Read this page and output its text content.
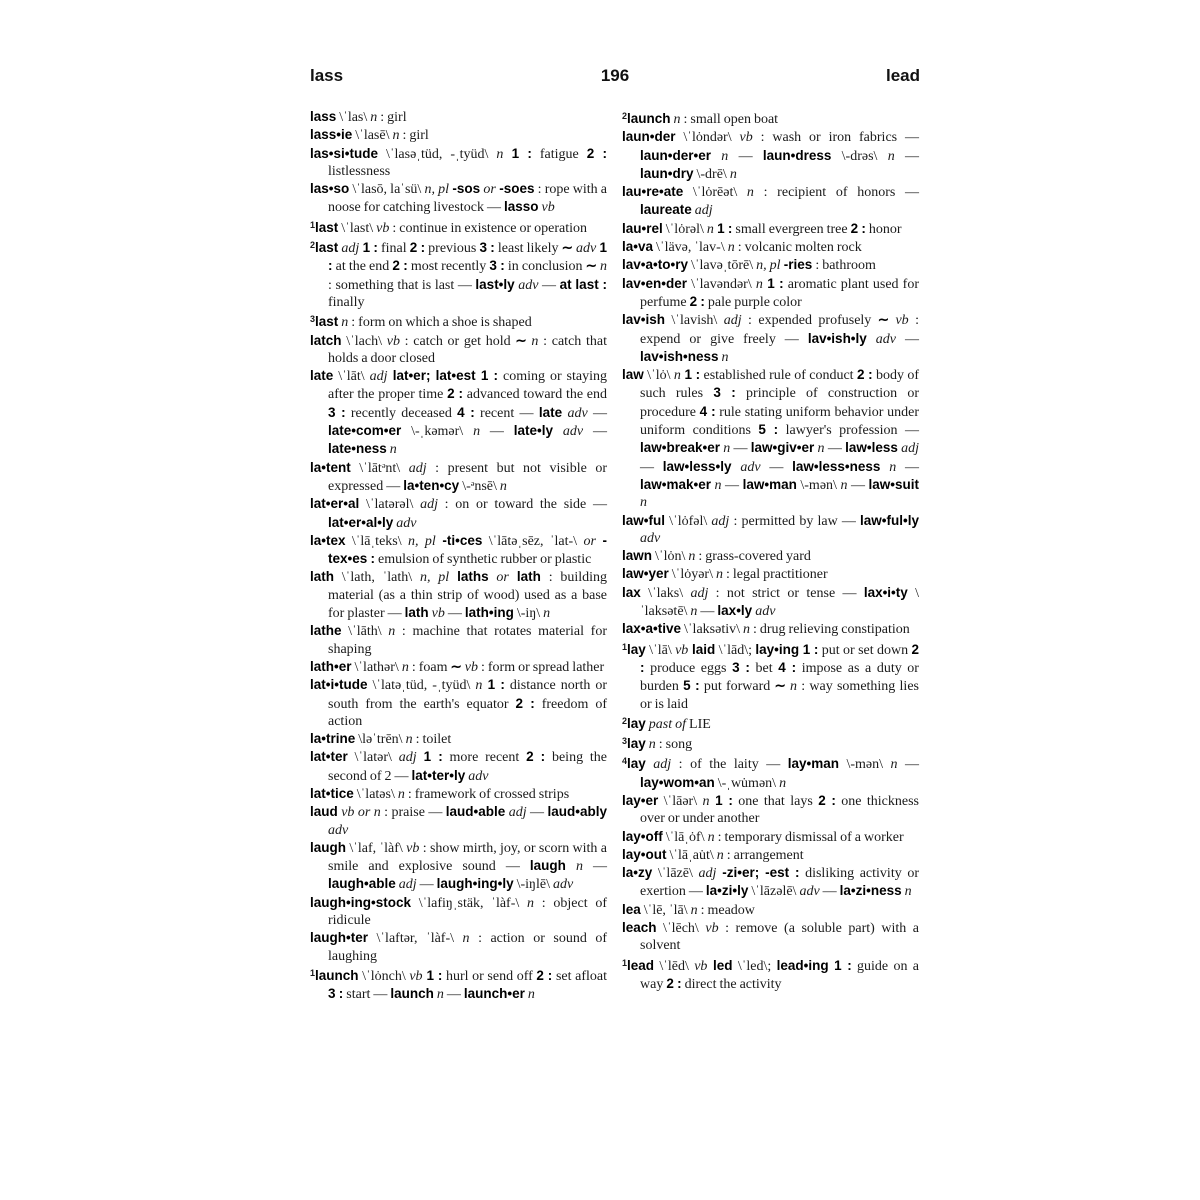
lass	196	lead

lass \ˈlas\ n : girl

lass•ie \ˈlasē\ n : girl

las•si•tude \ˈlasəˌtüd, -ˌtyüd\ n 1 : fatigue 2 : listlessness

las•so \ˈlasō, laˈsü\ n, pl -sos or -soes : rope with a noose for catching livestock — lasso vb

$^1$last \ˈlast\ vb : continue in existence or operation

$^2$last adj 1 : final 2 : previous 3 : least likely ∼ adv 1 : at the end 2 : most recently 3 : in conclusion ∼ n : something that is last — last•ly adv — at last : finally

$^3$last n : form on which a shoe is shaped

latch \ˈlach\ vb : catch or get hold ∼ n : catch that holds a door closed

late \ˈlāt\ adj lat•er; lat•est 1 : coming or staying after the proper time 2 : advanced toward the end 3 : recently deceased 4 : recent — late adv — late•com•er \-ˌkəmər\ n — late•ly adv — late•ness n

la•tent \ˈlātᵊnt\ adj : present but not visible or expressed — la•ten•cy \-ᵊnsē\ n

lat•er•al \ˈlatərəl\ adj : on or toward the side — lat•er•al•ly adv

la•tex \ˈlāˌteks\ n, pl -ti•ces \ˈlātəˌsēz, ˈlat-\ or -tex•es : emulsion of synthetic rubber or plastic

lath \ˈlath, ˈlath\ n, pl laths or lath : building material (as a thin strip of wood) used as a base for plaster — lath vb — lath•ing \-iŋ\ n

lathe \ˈlāth\ n : machine that rotates material for shaping

lath•er \ˈlathər\ n : foam ∼ vb : form or spread lather

lat•i•tude \ˈlatəˌtüd, -ˌtyüd\ n 1 : distance north or south from the earth's equator 2 : freedom of action

la•trine \ləˈtrēn\ n : toilet

lat•ter \ˈlatər\ adj 1 : more recent 2 : being the second of 2 — lat•ter•ly adv

lat•tice \ˈlatəs\ n : framework of crossed strips

laud vb or n : praise — laud•able adj — laud•ably adv

laugh \ˈlaf, ˈlàf\ vb : show mirth, joy, or scorn with a smile and explosive sound — laugh n — laugh•able adj — laugh•ing•ly \-iŋlē\ adv

laugh•ing•stock \ˈlafiŋˌstäk, ˈlàf-\ n : object of ridicule

laugh•ter \ˈlaftər, ˈlàf-\ n : action or sound of laughing

$^1$launch \ˈlȯnch\ vb 1 : hurl or send off 2 : set afloat 3 : start — launch n — launch•er n

$^2$launch n : small open boat

laun•der \ˈlȯndər\ vb : wash or iron fabrics — laun•der•er n — laun•dress \-drəs\ n — laun•dry \-drē\ n

lau•re•ate \ˈlȯrēət\ n : recipient of honors — laureate adj

lau•rel \ˈlȯrəl\ n 1 : small evergreen tree 2 : honor

la•va \ˈlävə, ˈlav-\ n : volcanic molten rock

lav•a•to•ry \ˈlavəˌtōrē\ n, pl -ries : bathroom

lav•en•der \ˈlavəndər\ n 1 : aromatic plant used for perfume 2 : pale purple color

lav•ish \ˈlavish\ adj : expended profusely ∼ vb : expend or give freely — lav•ish•ly adv — lav•ish•ness n

law \ˈlȯ\ n 1 : established rule of conduct 2 : body of such rules 3 : principle of construction or procedure 4 : rule stating uniform behavior under uniform conditions 5 : lawyer's profession — law•break•er n — law•giv•er n — law•less adj — law•less•ly adv — law•less•ness n — law•mak•er n — law•man \-mən\ n — law•suit n

law•ful \ˈlȯfəl\ adj : permitted by law — law•ful•ly adv

lawn \ˈlȯn\ n : grass-covered yard

law•yer \ˈlȯyər\ n : legal practitioner

lax \ˈlaks\ adj : not strict or tense — lax•i•ty \ˈlaksətē\ n — lax•ly adv

lax•a•tive \ˈlaksətiv\ n : drug relieving constipation

$^1$lay \ˈlā\ vb laid \ˈlād\; lay•ing 1 : put or set down 2 : produce eggs 3 : bet 4 : impose as a duty or burden 5 : put forward ∼ n : way something lies or is laid

$^2$lay past of LIE

$^3$lay n : song

$^4$lay adj : of the laity — lay•man \-mən\ n — lay•wom•an \-ˌwu̇mən\ n

lay•er \ˈlāər\ n 1 : one that lays 2 : one thickness over or under another

lay•off \ˈlāˌȯf\ n : temporary dismissal of a worker

lay•out \ˈlāˌau̇t\ n : arrangement

la•zy \ˈlāzē\ adj -zi•er; -est : disliking activity or exertion — la•zi•ly \ˈlāzəlē\ adv — la•zi•ness n

lea \ˈlē, ˈlā\ n : meadow

leach \ˈlēch\ vb : remove (a soluble part) with a solvent

$^1$lead \ˈlēd\ vb led \ˈled\; lead•ing 1 : guide on a way 2 : direct the activity
